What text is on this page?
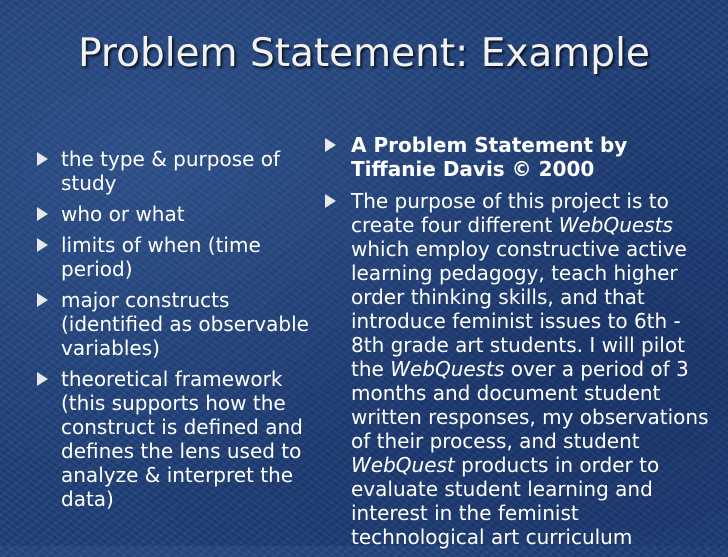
Problem Statement: Example
the type & purpose of study
who or what
limits of when (time period)
major constructs (identified as observable variables)
theoretical framework (this supports how the construct is defined and defines the lens used to analyze & interpret the data)
A Problem Statement by Tiffanie Davis © 2000
The purpose of this project is to create four different WebQuests which employ constructive active learning pedagogy, teach higher order thinking skills, and that introduce feminist issues to 6th - 8th grade art students. I will pilot the WebQuests over a period of 3 months and document student written responses, my observations of their process, and student WebQuest products in order to evaluate student learning and interest in the feminist technological art curriculum
